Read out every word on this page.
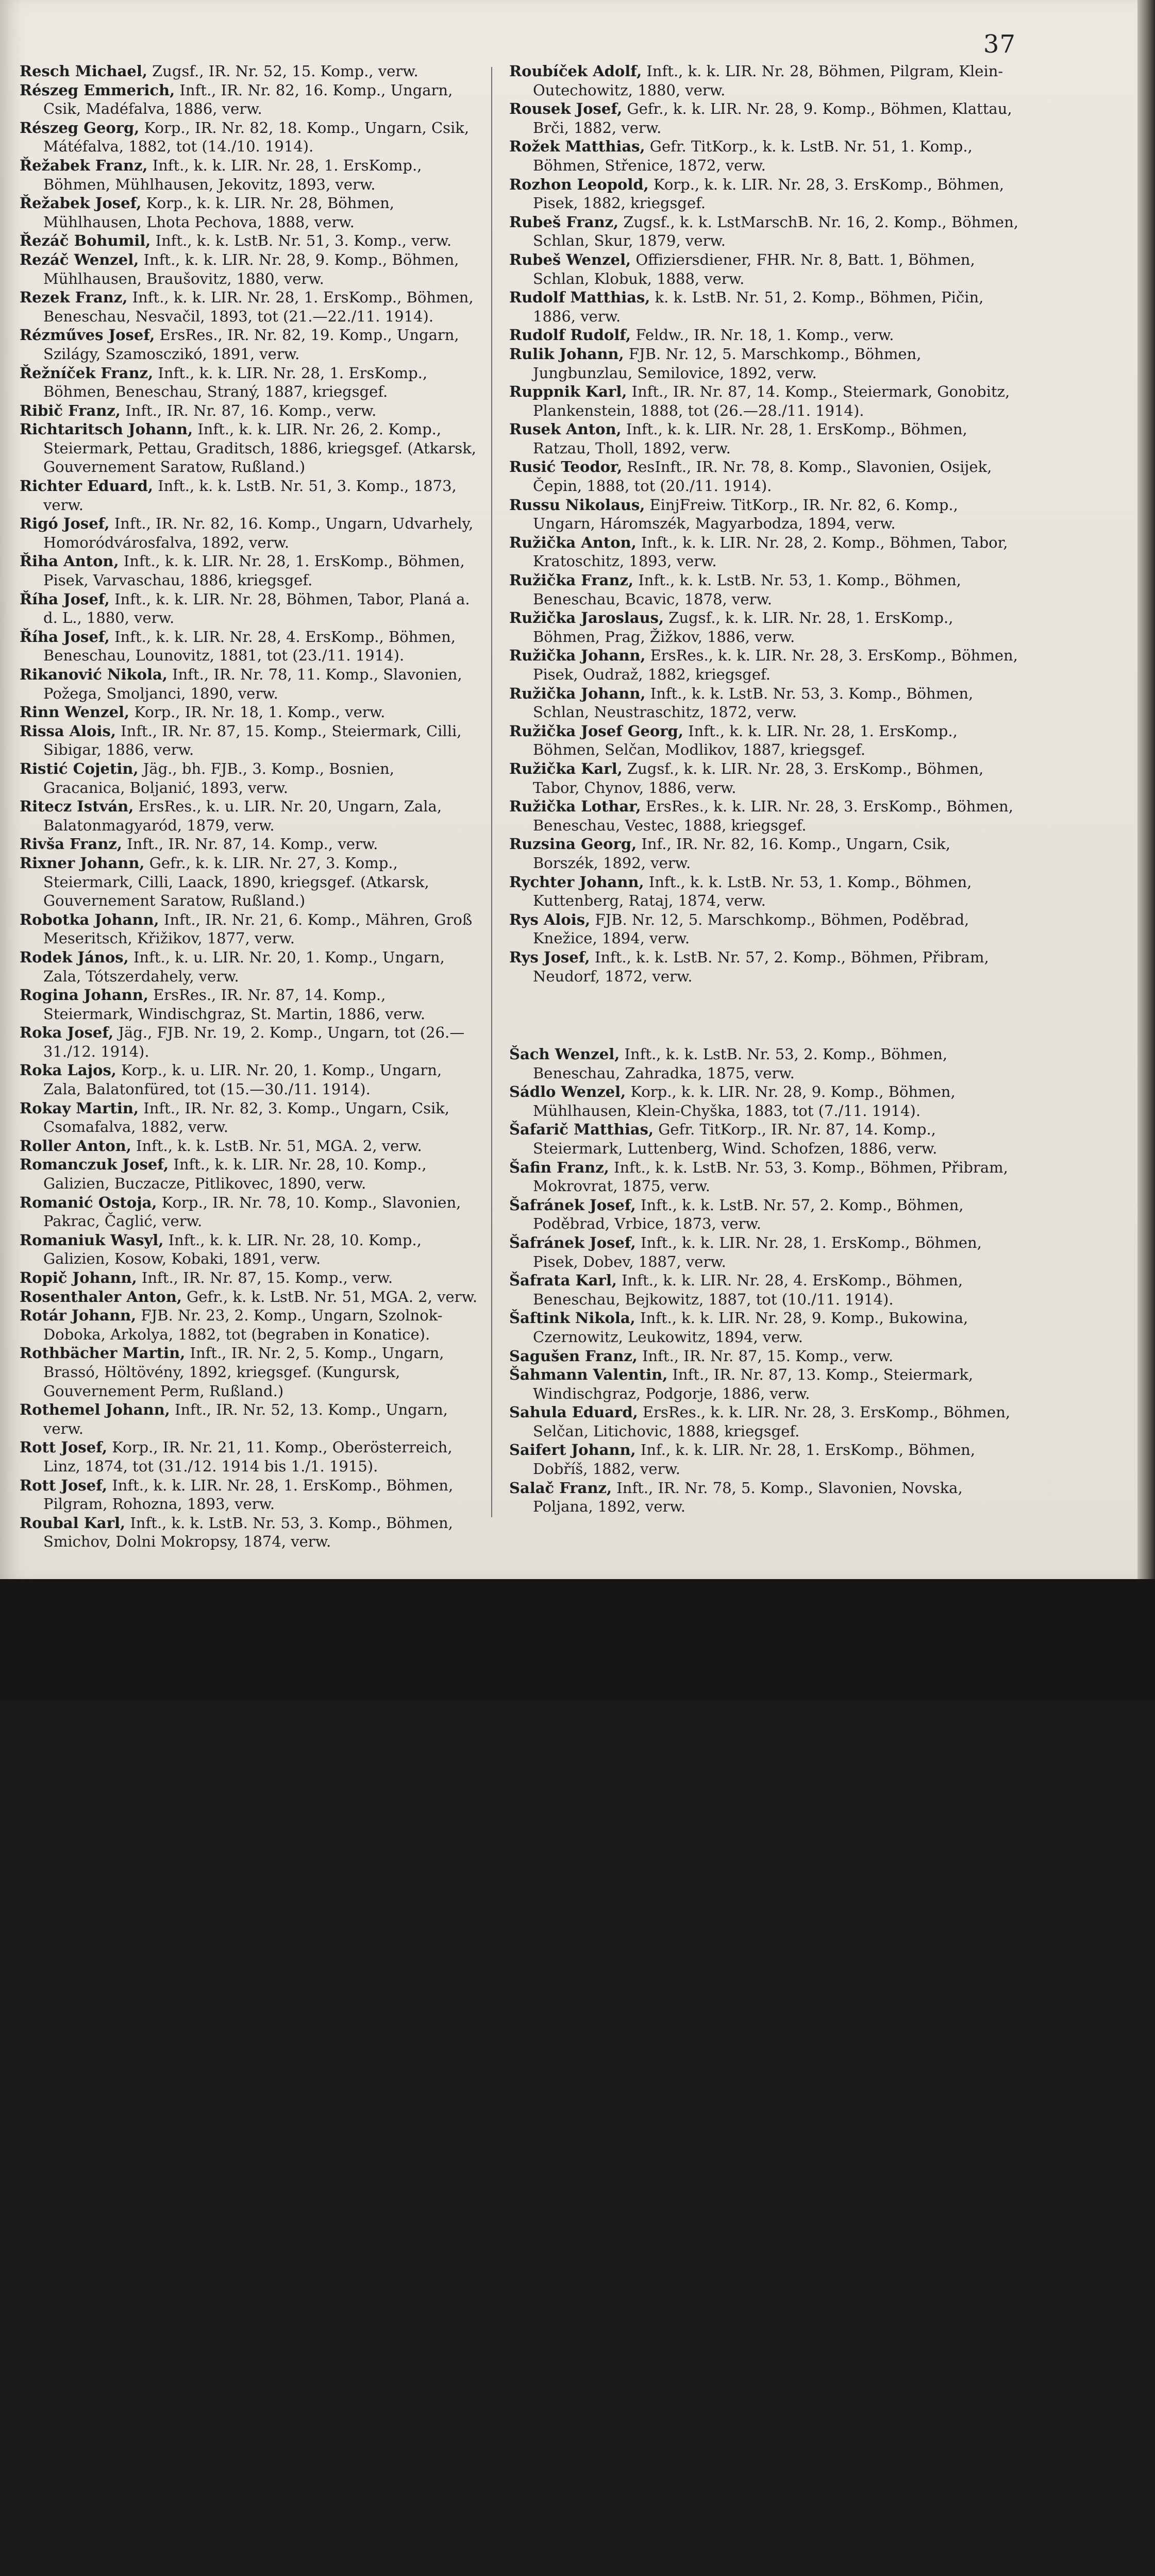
37

Resch Michael, Zugsf., IR. Nr. 52, 15. Komp., verw.

Részeg Emmerich, Inft., IR. Nr. 82, 16. Komp., Ungarn, Csik, Madéfalva, 1886, verw.

Részeg Georg, Korp., IR. Nr. 82, 18. Komp., Ungarn, Csik, Mátéfalva, 1882, tot (14./10. 1914).

Řežabek Franz, Inft., k. k. LIR. Nr. 28, 1. ErsKomp., Böhmen, Mühlhausen, Jekovitz, 1893, verw.

Řežabek Josef, Korp., k. k. LIR. Nr. 28, Böhmen, Mühlhausen, Lhota Pechova, 1888, verw.

Řezáč Bohumil, Inft., k. k. LstB. Nr. 51, 3. Komp., verw.

Rezáč Wenzel, Inft., k. k. LIR. Nr. 28, 9. Komp., Böhmen, Mühlhausen, Braušovitz, 1880, verw.

Rezek Franz, Inft., k. k. LIR. Nr. 28, 1. ErsKomp., Böhmen, Beneschau, Nesvačil, 1893, tot (21.—22./11. 1914).

Rézműves Josef, ErsRes., IR. Nr. 82, 19. Komp., Ungarn, Szilágy, Szamosczikó, 1891, verw.

Řežníček Franz, Inft., k. k. LIR. Nr. 28, 1. ErsKomp., Böhmen, Beneschau, Straný, 1887, kriegsgef.

Ribič Franz, Inft., IR. Nr. 87, 16. Komp., verw.

Richtaritsch Johann, Inft., k. k. LIR. Nr. 26, 2. Komp., Steiermark, Pettau, Graditsch, 1886, kriegsgef. (Atkarsk, Gouvernement Saratow, Rußland.)

Richter Eduard, Inft., k. k. LstB. Nr. 51, 3. Komp., 1873, verw.

Rigó Josef, Inft., IR. Nr. 82, 16. Komp., Ungarn, Udvarhely, Homoródvárosfalva, 1892, verw.

Řiha Anton, Inft., k. k. LIR. Nr. 28, 1. ErsKomp., Böhmen, Pisek, Varvaschau, 1886, kriegsgef.

Říha Josef, Inft., k. k. LIR. Nr. 28, Böhmen, Tabor, Planá a. d. L., 1880, verw.

Říha Josef, Inft., k. k. LIR. Nr. 28, 4. ErsKomp., Böhmen, Beneschau, Lounovitz, 1881, tot (23./11. 1914).

Rikanović Nikola, Inft., IR. Nr. 78, 11. Komp., Slavonien, Požega, Smoljanci, 1890, verw.

Rinn Wenzel, Korp., IR. Nr. 18, 1. Komp., verw.

Rissa Alois, Inft., IR. Nr. 87, 15. Komp., Steiermark, Cilli, Sibigar, 1886, verw.

Ristić Cojetin, Jäg., bh. FJB., 3. Komp., Bosnien, Gracanica, Boljanić, 1893, verw.

Ritecz István, ErsRes., k. u. LIR. Nr. 20, Ungarn, Zala, Balatonmagyaród, 1879, verw.

Rivša Franz, Inft., IR. Nr. 87, 14. Komp., verw.

Rixner Johann, Gefr., k. k. LIR. Nr. 27, 3. Komp., Steiermark, Cilli, Laack, 1890, kriegsgef. (Atkarsk, Gouvernement Saratow, Rußland.)

Robotka Johann, Inft., IR. Nr. 21, 6. Komp., Mähren, Groß Meseritsch, Křižikov, 1877, verw.

Rodek János, Inft., k. u. LIR. Nr. 20, 1. Komp., Ungarn, Zala, Tótszerdahely, verw.

Rogina Johann, ErsRes., IR. Nr. 87, 14. Komp., Steiermark, Windischgraz, St. Martin, 1886, verw.

Roka Josef, Jäg., FJB. Nr. 19, 2. Komp., Ungarn, tot (26.—31./12. 1914).

Roka Lajos, Korp., k. u. LIR. Nr. 20, 1. Komp., Ungarn, Zala, Balatonfüred, tot (15.—30./11. 1914).

Rokay Martin, Inft., IR. Nr. 82, 3. Komp., Ungarn, Csik, Csomafalva, 1882, verw.

Roller Anton, Inft., k. k. LstB. Nr. 51, MGA. 2, verw.

Romanczuk Josef, Inft., k. k. LIR. Nr. 28, 10. Komp., Galizien, Buczacze, Pitlikovec, 1890, verw.

Romanić Ostoja, Korp., IR. Nr. 78, 10. Komp., Slavonien, Pakrac, Čaglić, verw.

Romaniuk Wasyl, Inft., k. k. LIR. Nr. 28, 10. Komp., Galizien, Kosow, Kobaki, 1891, verw.

Ropič Johann, Inft., IR. Nr. 87, 15. Komp., verw.

Rosenthaler Anton, Gefr., k. k. LstB. Nr. 51, MGA. 2, verw.

Rotár Johann, FJB. Nr. 23, 2. Komp., Ungarn, Szolnok-Doboka, Arkolya, 1882, tot (begraben in Konatice).

Rothbächer Martin, Inft., IR. Nr. 2, 5. Komp., Ungarn, Brassó, Höltövény, 1892, kriegsgef. (Kungursk, Gouvernement Perm, Rußland.)

Rothemel Johann, Inft., IR. Nr. 52, 13. Komp., Ungarn, verw.

Rott Josef, Korp., IR. Nr. 21, 11. Komp., Oberösterreich, Linz, 1874, tot (31./12. 1914 bis 1./1. 1915).

Rott Josef, Inft., k. k. LIR. Nr. 28, 1. ErsKomp., Böhmen, Pilgram, Rohozna, 1893, verw.

Roubal Karl, Inft., k. k. LstB. Nr. 53, 3. Komp., Böhmen, Smichov, Dolni Mokropsy, 1874, verw.

Roubíček Adolf, Inft., k. k. LIR. Nr. 28, Böhmen, Pilgram, Klein-Outechowitz, 1880, verw.

Rousek Josef, Gefr., k. k. LIR. Nr. 28, 9. Komp., Böhmen, Klattau, Brči, 1882, verw.

Rožek Matthias, Gefr. TitKorp., k. k. LstB. Nr. 51, 1. Komp., Böhmen, Střenice, 1872, verw.

Rozhon Leopold, Korp., k. k. LIR. Nr. 28, 3. ErsKomp., Böhmen, Pisek, 1882, kriegsgef.

Rubeš Franz, Zugsf., k. k. LstMarschB. Nr. 16, 2. Komp., Böhmen, Schlan, Skur, 1879, verw.

Rubeš Wenzel, Offiziersdiener, FHR. Nr. 8, Batt. 1, Böhmen, Schlan, Klobuk, 1888, verw.

Rudolf Matthias, k. k. LstB. Nr. 51, 2. Komp., Böhmen, Pičin, 1886, verw.

Rudolf Rudolf, Feldw., IR. Nr. 18, 1. Komp., verw.

Rulik Johann, FJB. Nr. 12, 5. Marschkomp., Böhmen, Jungbunzlau, Semilovice, 1892, verw.

Ruppnik Karl, Inft., IR. Nr. 87, 14. Komp., Steiermark, Gonobitz, Plankenstein, 1888, tot (26.—28./11. 1914).

Rusek Anton, Inft., k. k. LIR. Nr. 28, 1. ErsKomp., Böhmen, Ratzau, Tholl, 1892, verw.

Rusić Teodor, ResInft., IR. Nr. 78, 8. Komp., Slavonien, Osijek, Čepin, 1888, tot (20./11. 1914).

Russu Nikolaus, EinjFreiw. TitKorp., IR. Nr. 82, 6. Komp., Ungarn, Háromszék, Magyarbodza, 1894, verw.

Ružička Anton, Inft., k. k. LIR. Nr. 28, 2. Komp., Böhmen, Tabor, Kratoschitz, 1893, verw.

Ružička Franz, Inft., k. k. LstB. Nr. 53, 1. Komp., Böhmen, Beneschau, Bcavic, 1878, verw.

Ružička Jaroslaus, Zugsf., k. k. LIR. Nr. 28, 1. ErsKomp., Böhmen, Prag, Žižkov, 1886, verw.

Ružička Johann, ErsRes., k. k. LIR. Nr. 28, 3. ErsKomp., Böhmen, Pisek, Oudraž, 1882, kriegsgef.

Ružička Johann, Inft., k. k. LstB. Nr. 53, 3. Komp., Böhmen, Schlan, Neustraschitz, 1872, verw.

Ružička Josef Georg, Inft., k. k. LIR. Nr. 28, 1. ErsKomp., Böhmen, Selčan, Modlikov, 1887, kriegsgef.

Ružička Karl, Zugsf., k. k. LIR. Nr. 28, 3. ErsKomp., Böhmen, Tabor, Chynov, 1886, verw.

Ružička Lothar, ErsRes., k. k. LIR. Nr. 28, 3. ErsKomp., Böhmen, Beneschau, Vestec, 1888, kriegsgef.

Ruzsina Georg, Inf., IR. Nr. 82, 16. Komp., Ungarn, Csik, Borszék, 1892, verw.

Rychter Johann, Inft., k. k. LstB. Nr. 53, 1. Komp., Böhmen, Kuttenberg, Rataj, 1874, verw.

Rys Alois, FJB. Nr. 12, 5. Marschkomp., Böhmen, Poděbrad, Knežice, 1894, verw.

Rys Josef, Inft., k. k. LstB. Nr. 57, 2. Komp., Böhmen, Přibram, Neudorf, 1872, verw.

Šach Wenzel, Inft., k. k. LstB. Nr. 53, 2. Komp., Böhmen, Beneschau, Zahradka, 1875, verw.

Sádlo Wenzel, Korp., k. k. LIR. Nr. 28, 9. Komp., Böhmen, Mühlhausen, Klein-Chyška, 1883, tot (7./11. 1914).

Šafarič Matthias, Gefr. TitKorp., IR. Nr. 87, 14. Komp., Steiermark, Luttenberg, Wind. Schofzen, 1886, verw.

Šafin Franz, Inft., k. k. LstB. Nr. 53, 3. Komp., Böhmen, Přibram, Mokrovrat, 1875, verw.

Šafránek Josef, Inft., k. k. LstB. Nr. 57, 2. Komp., Böhmen, Poděbrad, Vrbice, 1873, verw.

Šafránek Josef, Inft., k. k. LIR. Nr. 28, 1. ErsKomp., Böhmen, Pisek, Dobev, 1887, verw.

Šafrata Karl, Inft., k. k. LIR. Nr. 28, 4. ErsKomp., Böhmen, Beneschau, Bejkowitz, 1887, tot (10./11. 1914).

Šaftink Nikola, Inft., k. k. LIR. Nr. 28, 9. Komp., Bukowina, Czernowitz, Leukowitz, 1894, verw.

Sagušen Franz, Inft., IR. Nr. 87, 15. Komp., verw.

Šahmann Valentin, Inft., IR. Nr. 87, 13. Komp., Steiermark, Windischgraz, Podgorje, 1886, verw.

Sahula Eduard, ErsRes., k. k. LIR. Nr. 28, 3. ErsKomp., Böhmen, Selčan, Litichovic, 1888, kriegsgef.

Saifert Johann, Inf., k. k. LIR. Nr. 28, 1. ErsKomp., Böhmen, Dobříš, 1882, verw.

Salač Franz, Inft., IR. Nr. 78, 5. Komp., Slavonien, Novska, Poljana, 1892, verw.
